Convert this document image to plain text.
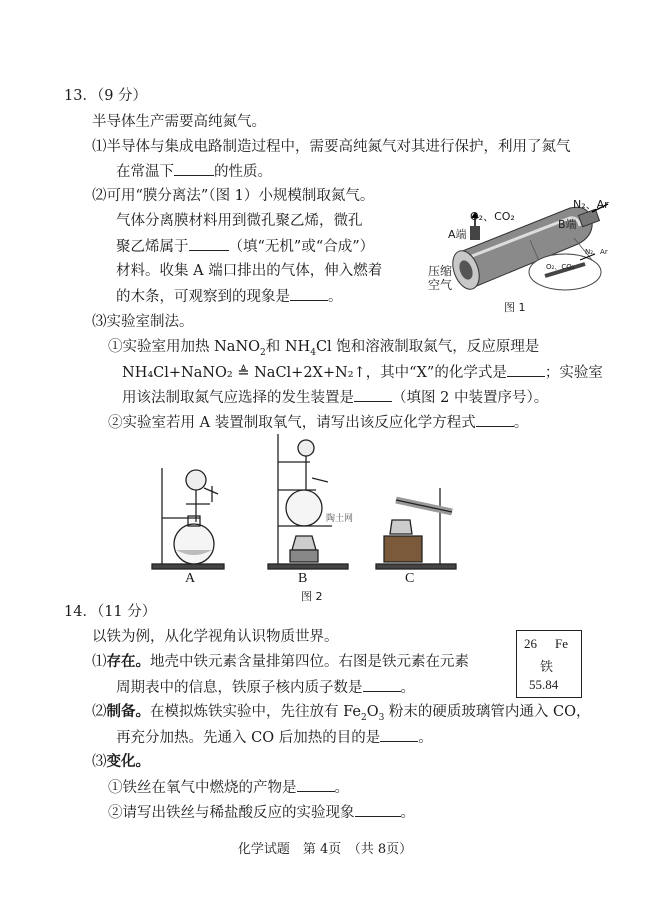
13．（9 分）
半导体生产需要高纯氮气。
⑴半导体与集成电路制造过程中，需要高纯氮气对其进行保护，利用了氮气
在常温下	的性质。
⑵可用“膜分离法”（图 1）小规模制取氮气。
气体分离膜材料用到微孔聚乙烯，微孔
聚乙烯属于	（填“无机”或“合成”）
材料。收集 A 端口排出的气体，伸入燃着
的木条，可观察到的现象是	。
O₂、CO₂
N₂、Ar
A端
B端
O₂、CO₂
N₂、Ar
压缩
空气
图 1
⑶实验室制法。
①实验室用加热 NaNO$_2$和 $NH_4Cl$ 饱和溶液制取氮气，反应原理是
NH₄Cl+NaNO₂ ≜ NaCl+2X+N₂↑，其中“X”的化学式是	；实验室
用该法制取氮气应选择的发生装置是	（填图 2 中装置序号）。
②实验室若用 A 装置制取氧气，请写出该反应化学方程式	。
陶土网
A	B	C
图 2
14．（11 分）
以铁为例，从化学视角认识物质世界。
⑴存在。地壳中铁元素含量排第四位。右图是铁元素在元素
周期表中的信息，铁原子核内质子数是	。
26 Fe
铁
55.84
⑵制备。在模拟炼铁实验中，先往放有 $Fe_2O_3$ 粉末的硬质玻璃管内通入 CO，
再充分加热。先通入 CO 后加热的目的是	。
⑶变化。
①铁丝在氧气中燃烧的产物是	。
②请写出铁丝与稀盐酸反应的实验现象	。
化学试题　第 4页　（共 8页）
